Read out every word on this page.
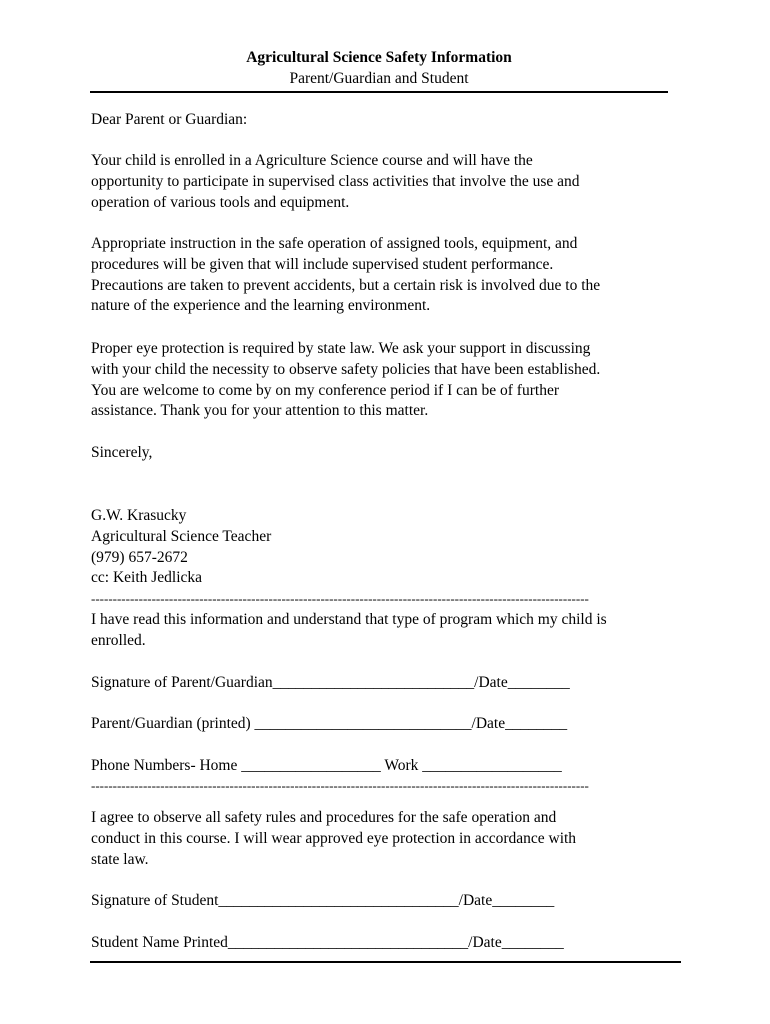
Agricultural Science Safety Information
Parent/Guardian and Student
Dear Parent or Guardian:
Your child is enrolled in a Agriculture Science course and will have the
opportunity to participate in supervised class activities that involve the use and
operation of various tools and equipment.
Appropriate instruction in the safe operation of assigned tools, equipment, and
procedures will be given that will include supervised student performance.
Precautions are taken to prevent accidents, but a certain risk is involved due to the
nature of the experience and the learning environment.
Proper eye protection is required by state law. We ask your support in discussing
with your child the necessity to observe safety policies that have been established.
You are welcome to come by on my conference period if I can be of further
assistance. Thank you for your attention to this matter.
Sincerely,
G.W. Krasucky
Agricultural Science Teacher
(979) 657-2672
cc: Keith Jedlicka
-------------------------------------------------------------------------------------------------------------------
I have read this information and understand that type of program which my child is
enrolled.
Signature of Parent/Guardian__________________________/Date________
Parent/Guardian (printed) ____________________________/Date________
Phone Numbers- Home __________________ Work __________________
-------------------------------------------------------------------------------------------------------------------
I agree to observe all safety rules and procedures for the safe operation and
conduct in this course. I will wear approved eye protection in accordance with
state law.
Signature of Student_______________________________/Date________
Student Name Printed_______________________________/Date________
